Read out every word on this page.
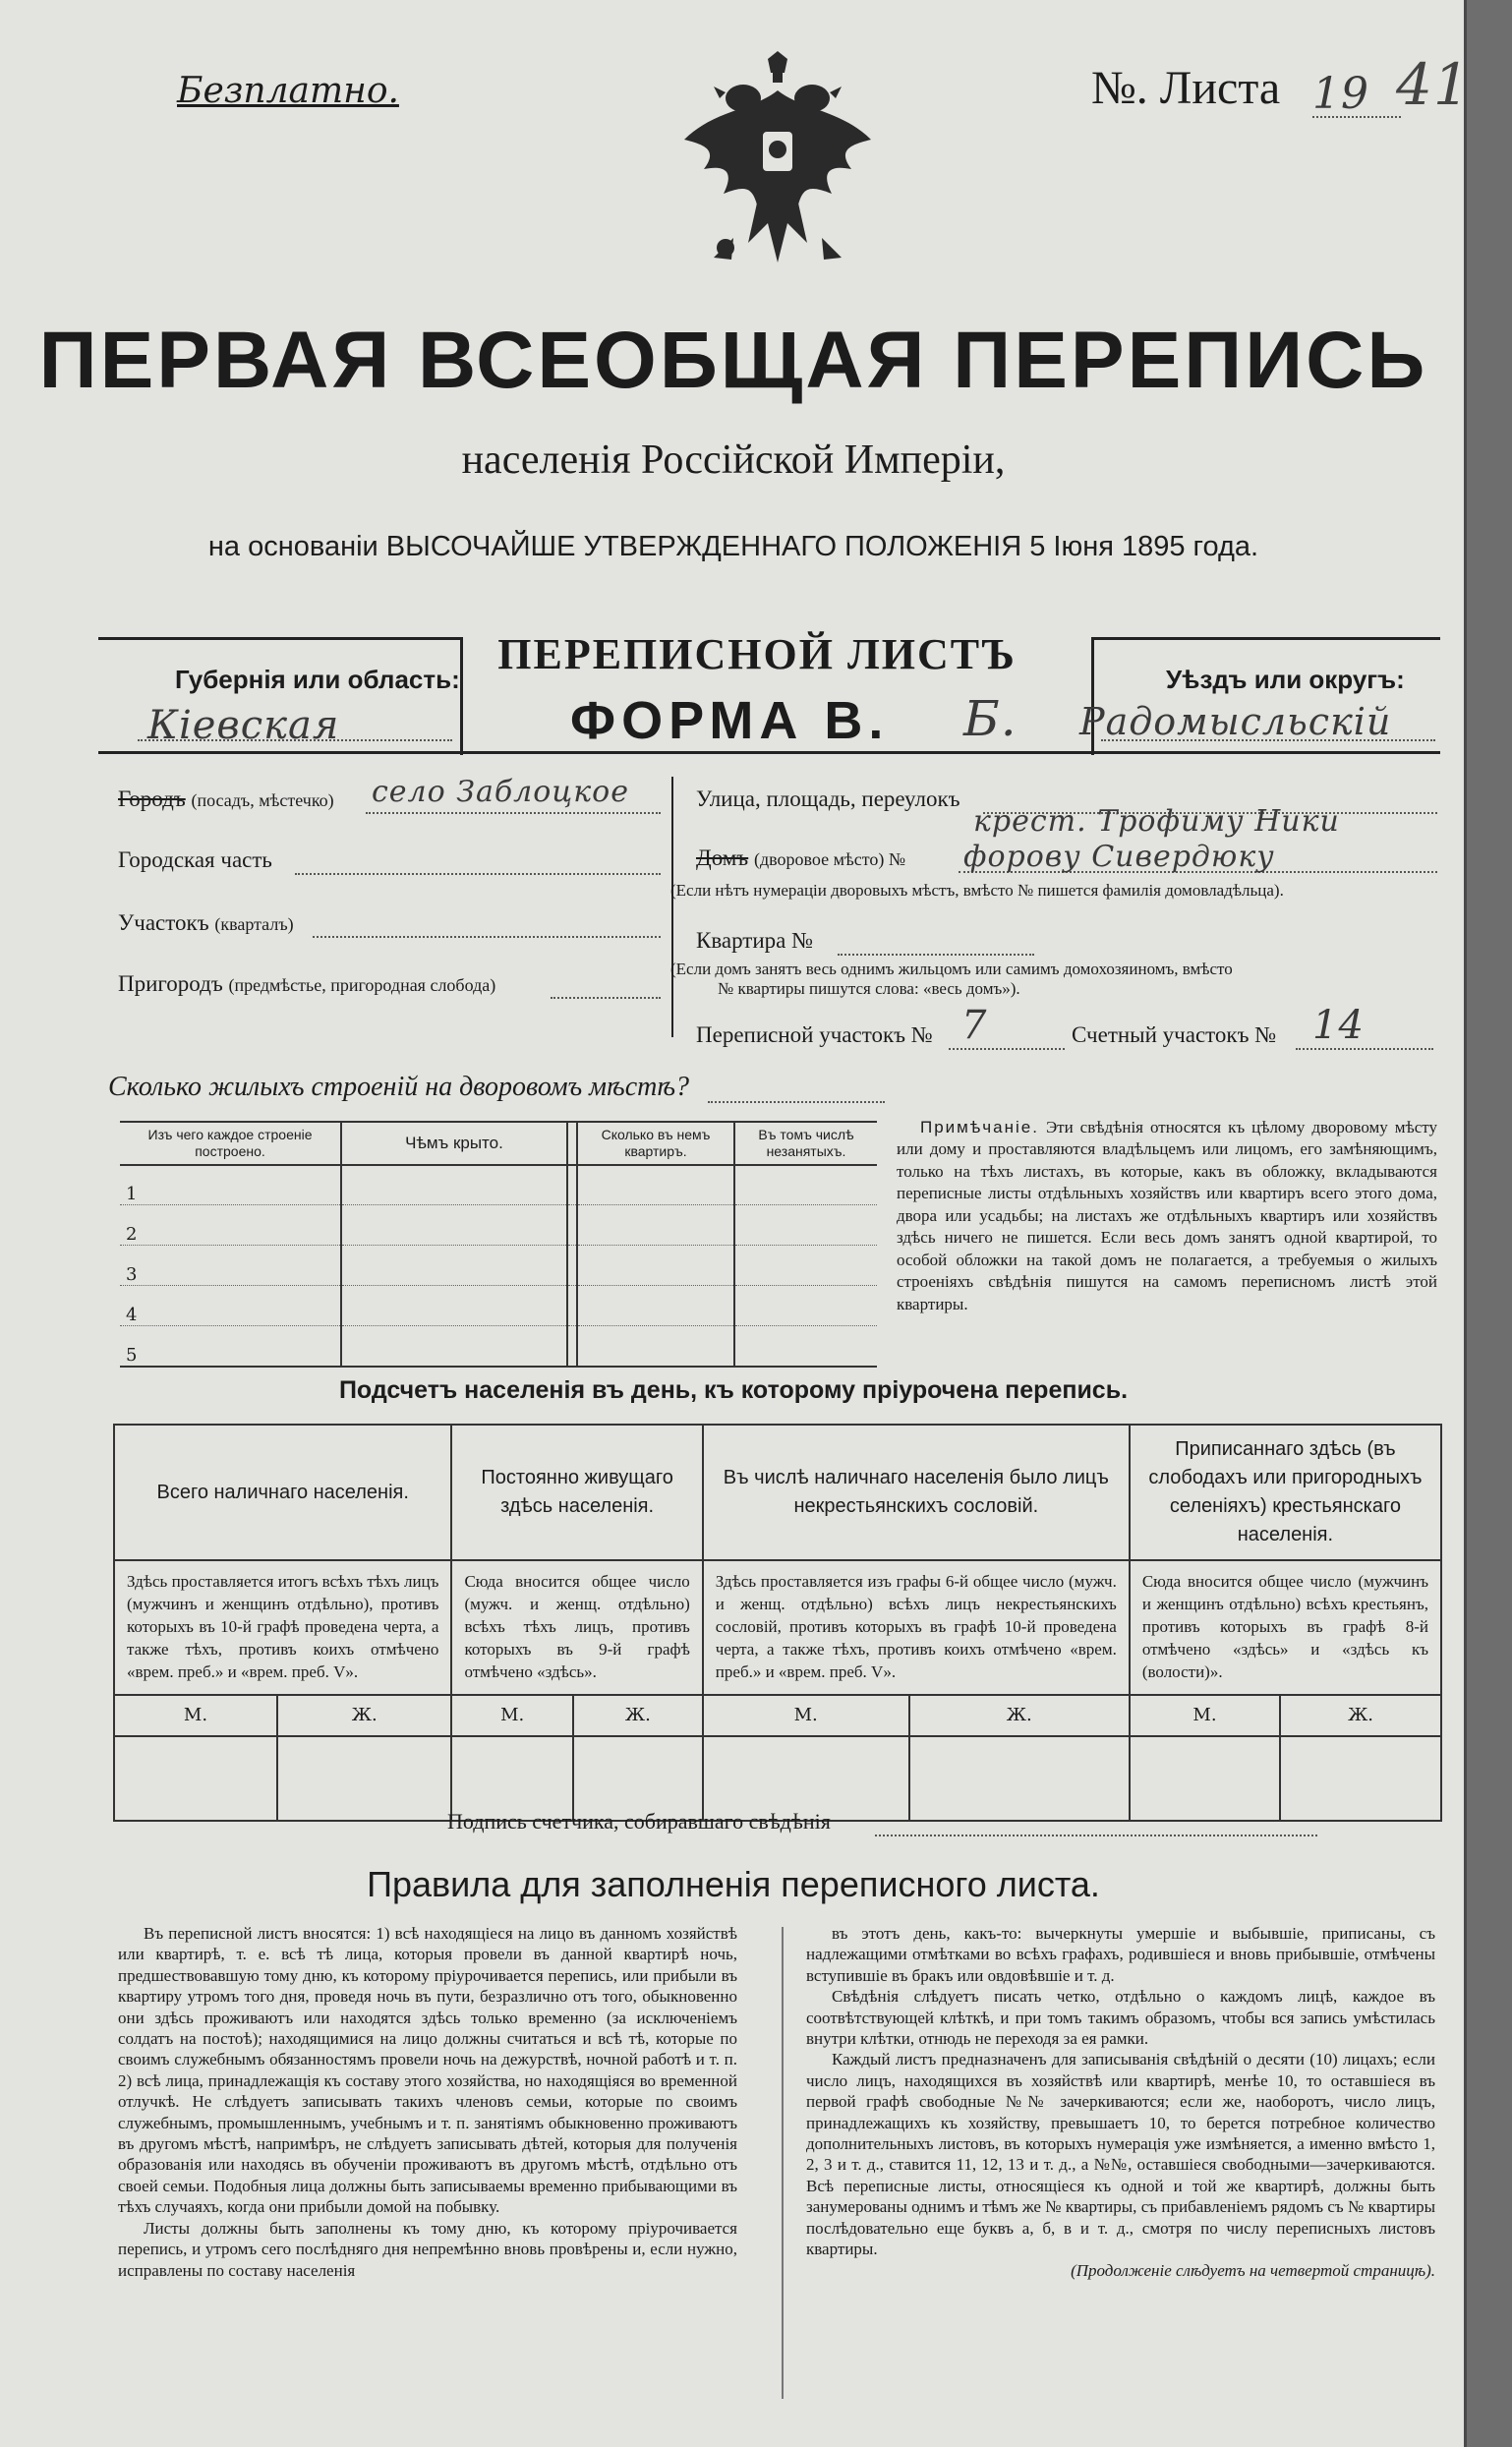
Безплатно.	№. Листа 19 41
ПЕРВАЯ ВСЕОБЩАЯ ПЕРЕПИСЬ
населенія Россійской Имперіи,
на основаніи ВЫСОЧАЙШЕ УТВЕРЖДЕННАГО ПОЛОЖЕНІЯ 5 Іюня 1895 года.
Губернія или область:
Кіевская
ПЕРЕПИСНОЙ ЛИСТЪ
ФОРМА В. Б.
Уѣздъ или округъ:
Радомысльскій
Городъ (посадъ, мѣстечко) село Заблоцкое
Городская часть
Участокъ (кварталъ)
Пригородъ (предмѣстье, пригородная слобода)
Улица, площадь, переулокъ
крест. Трофиму Ники
Домъ (дворовое мѣсто) № форову Сивердюку
(Если нѣтъ нумераціи дворовыхъ мѣстъ, вмѣсто № пишется фамилія домовладѣльца).
Квартира №
(Если домъ занятъ весь однимъ жильцомъ или самимъ домохозяиномъ, вмѣсто
№ квартиры пишутся слова: «весь домъ»).
Переписной участокъ № 7	Счетный участокъ № 14
Сколько жилыхъ строеній на дворовомъ мѣстѣ?
Изъ чего каждое строеніе построено.	Чѣмъ крыто.		Сколько въ немъ квартиръ.	Въ томъ числѣ незанятыхъ.
1				
2				
3				
4				
5				
Примѣчаніе. Эти свѣдѣнія относятся къ цѣлому дворовому мѣсту или дому и проставляются владѣльцемъ или лицомъ, его замѣняющимъ, только на тѣхъ листахъ, въ которые, какъ въ обложку, вкладываются переписные листы отдѣльныхъ хозяйствъ или квартиръ всего этого дома, двора или усадьбы; на листахъ же отдѣльныхъ квартиръ или хозяйствъ здѣсь ничего не пишется. Если весь домъ занятъ одной квартирой, то особой обложки на такой домъ не полагается, а требуемыя о жилыхъ строеніяхъ свѣдѣнія пишутся на самомъ переписномъ листѣ этой квартиры.
Подсчетъ населенія въ день, къ которому пріурочена перепись.
Всего наличнаго населенія.		Постоянно живущаго здѣсь населенія.		Въ числѣ наличнаго населенія было лицъ некрестьянскихъ сословій.		Приписаннаго здѣсь (въ слободахъ или пригородныхъ селеніяхъ) крестьянскаго населенія.	
Здѣсь проставляется итогъ всѣхъ тѣхъ лицъ (мужчинъ и женщинъ отдѣльно), противъ которыхъ въ 10-й графѣ проведена черта, а также тѣхъ, противъ коихъ отмѣчено «врем. преб.» и «врем. преб. V».		Сюда вносится общее число (мужч. и женщ. отдѣльно) всѣхъ тѣхъ лицъ, противъ которыхъ въ 9-й графѣ отмѣчено «здѣсь».		Здѣсь проставляется изъ графы 6-й общее число (мужч. и женщ. отдѣльно) всѣхъ лицъ некрестьянскихъ сословій, противъ которыхъ въ графѣ 10-й проведена черта, а также тѣхъ, противъ коихъ отмѣчено «врем. преб.» и «врем. преб. V».		Сюда вносится общее число (мужчинъ и женщинъ отдѣльно) всѣхъ крестьянъ, противъ которыхъ въ графѣ 8-й отмѣчено «здѣсь» и «здѣсь къ (волости)».	
М.	Ж.	М.	Ж.	М.	Ж.	М.	Ж.

Подпись счетчика, собиравшаго свѣдѣнія
Правила для заполненія переписного листа.

Въ переписной листъ вносятся: 1) всѣ находящіеся на лицо въ данномъ хозяйствѣ или квартирѣ, т. е. всѣ тѣ лица, которыя провели въ данной квартирѣ ночь, предшествовавшую тому дню, къ которому пріурочивается перепись, или прибыли въ квартиру утромъ того дня, проведя ночь въ пути, безразлично отъ того, обыкновенно они здѣсь проживаютъ или находятся здѣсь только временно (за исключеніемъ солдатъ на постоѣ); находящимися на лицо должны считаться и всѣ тѣ, которые по своимъ служебнымъ обязанностямъ провели ночь на дежурствѣ, ночной работѣ и т. п. 2) всѣ лица, принадлежащія къ составу этого хозяйства, но находящіяся во временной отлучкѣ. Не слѣдуетъ записывать такихъ членовъ семьи, которые по своимъ служебнымъ, промышленнымъ, учебнымъ и т. п. занятіямъ обыкновенно проживаютъ въ другомъ мѣстѣ, напримѣръ, не слѣдуетъ записывать дѣтей, которыя для полученія образованія или находясь въ обученіи проживаютъ въ другомъ мѣстѣ, отдѣльно отъ своей семьи. Подобныя лица должны быть записываемы временно прибывающими въ тѣхъ случаяхъ, когда они прибыли домой на побывку.

Листы должны быть заполнены къ тому дню, къ которому пріурочивается перепись, и утромъ сего послѣдняго дня непремѣнно вновь провѣрены и, если нужно, исправлены по составу населенія

въ этотъ день, какъ-то: вычеркнуты умершіе и выбывшіе, приписаны, съ надлежащими отмѣтками во всѣхъ графахъ, родившіеся и вновь прибывшіе, отмѣчены вступившіе въ бракъ или овдовѣвшіе и т. д.

Свѣдѣнія слѣдуетъ писать четко, отдѣльно о каждомъ лицѣ, каждое въ соотвѣтствующей клѣткѣ, и при томъ такимъ образомъ, чтобы вся запись умѣстилась внутри клѣтки, отнюдь не переходя за ея рамки.

Каждый листъ предназначенъ для записыванія свѣдѣній о десяти (10) лицахъ; если число лицъ, находящихся въ хозяйствѣ или квартирѣ, менѣе 10, то оставшіеся въ первой графѣ свободные №№ зачеркиваются; если же, наоборотъ, число лицъ, принадлежащихъ къ хозяйству, превышаетъ 10, то берется потребное количество дополнительныхъ листовъ, въ которыхъ нумерація уже измѣняется, а именно вмѣсто 1, 2, 3 и т. д., ставится 11, 12, 13 и т. д., а №№, оставшіеся свободными—зачеркиваются. Всѣ переписные листы, относящіеся къ одной и той же квартирѣ, должны быть занумерованы однимъ и тѣмъ же № квартиры, съ прибавленіемъ рядомъ съ № квартиры послѣдовательно еще буквъ а, б, в и т. д., смотря по числу переписныхъ листовъ квартиры.

(Продолженіе слѣдуетъ на четвертой страницѣ).
